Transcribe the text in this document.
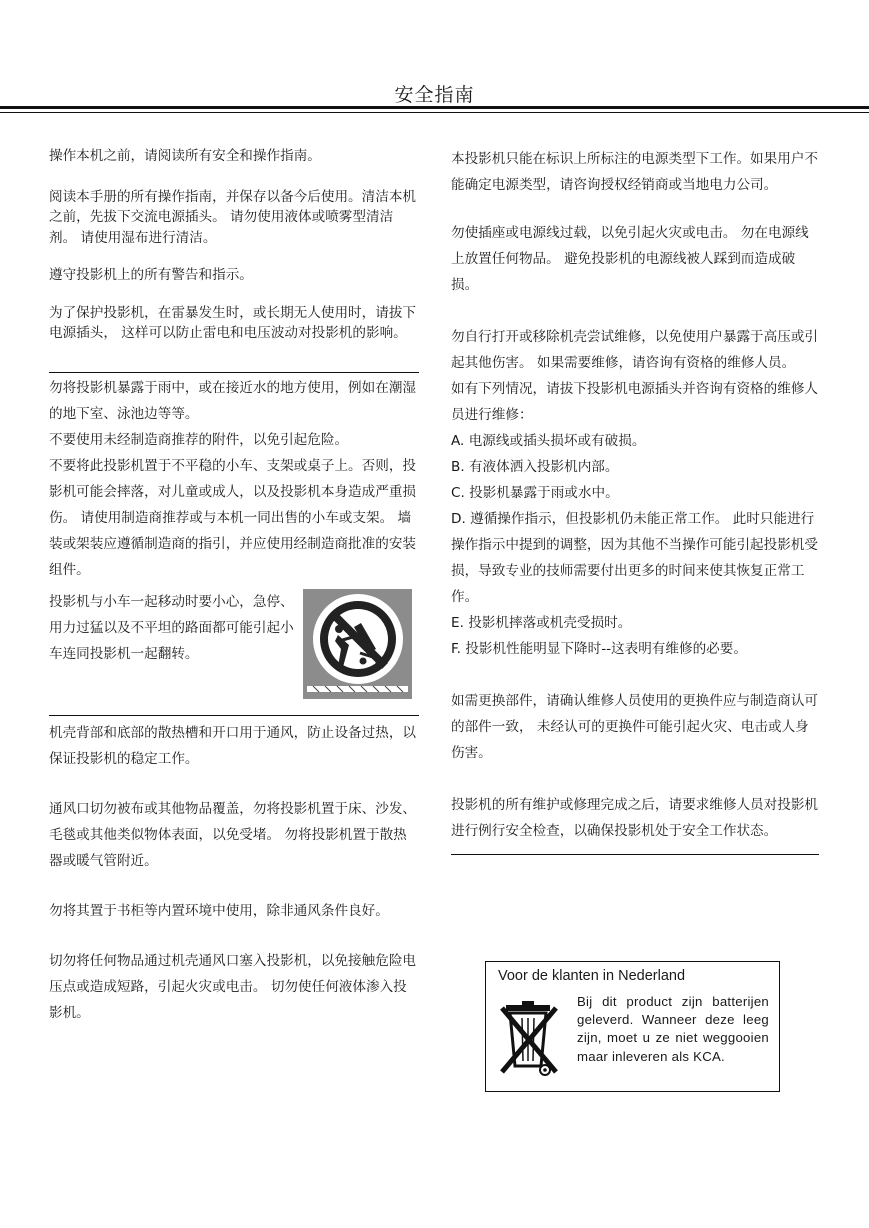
安全指南

操作本机之前，请阅读所有安全和操作指南。

阅读本手册的所有操作指南，并保存以备今后使用。清洁本机之前，先拔下交流电源插头。 请勿使用液体或喷雾型清洁剂。 请使用湿布进行清洁。

遵守投影机上的所有警告和指示。

为了保护投影机，在雷暴发生时，或长期无人使用时，请拔下电源插头， 这样可以防止雷电和电压波动对投影机的影响。

勿将投影机暴露于雨中，或在接近水的地方使用，例如在潮湿的地下室、泳池边等等。

不要使用未经制造商推荐的附件，以免引起危险。

不要将此投影机置于不平稳的小车、支架或桌子上。否则，投影机可能会摔落，对儿童或成人，以及投影机本身造成严重损伤。 请使用制造商推荐或与本机一同出售的小车或支架。 墙装或架装应遵循制造商的指引，并应使用经制造商批准的安装组件。

投影机与小车一起移动时要小心，急停、用力过猛以及不平坦的路面都可能引起小车连同投影机一起翻转。

机壳背部和底部的散热槽和开口用于通风，防止设备过热，以保证投影机的稳定工作。

通风口切勿被布或其他物品覆盖，勿将投影机置于床、沙发、毛毯或其他类似物体表面，以免受堵。 勿将投影机置于散热器或暖气管附近。

勿将其置于书柜等内置环境中使用，除非通风条件良好。

切勿将任何物品通过机壳通风口塞入投影机，以免接触危险电压点或造成短路，引起火灾或电击。 切勿使任何液体渗入投影机。

本投影机只能在标识上所标注的电源类型下工作。如果用户不能确定电源类型，请咨询授权经销商或当地电力公司。

勿使插座或电源线过载，以免引起火灾或电击。 勿在电源线上放置任何物品。 避免投影机的电源线被人踩到而造成破损。

勿自行打开或移除机壳尝试维修，以免使用户暴露于高压或引起其他伤害。 如果需要维修，请咨询有资格的维修人员。

如有下列情况，请拔下投影机电源插头并咨询有资格的维修人员进行维修：

A. 电源线或插头损坏或有破损。

B. 有液体洒入投影机内部。

C. 投影机暴露于雨或水中。

D. 遵循操作指示，但投影机仍未能正常工作。 此时只能进行操作指示中提到的调整，因为其他不当操作可能引起投影机受损，导致专业的技师需要付出更多的时间来使其恢复正常工作。

E. 投影机摔落或机壳受损时。

F. 投影机性能明显下降时--这表明有维修的必要。

如需更换部件，请确认维修人员使用的更换件应与制造商认可的部件一致， 未经认可的更换件可能引起火灾、电击或人身伤害。

投影机的所有维护或修理完成之后，请要求维修人员对投影机进行例行安全检查，以确保投影机处于安全工作状态。

Voor de klanten in Nederland
Bij dit product zijn batterijen geleverd. Wanneer deze leeg zijn, moet u ze niet weggooien maar inleveren als KCA.
